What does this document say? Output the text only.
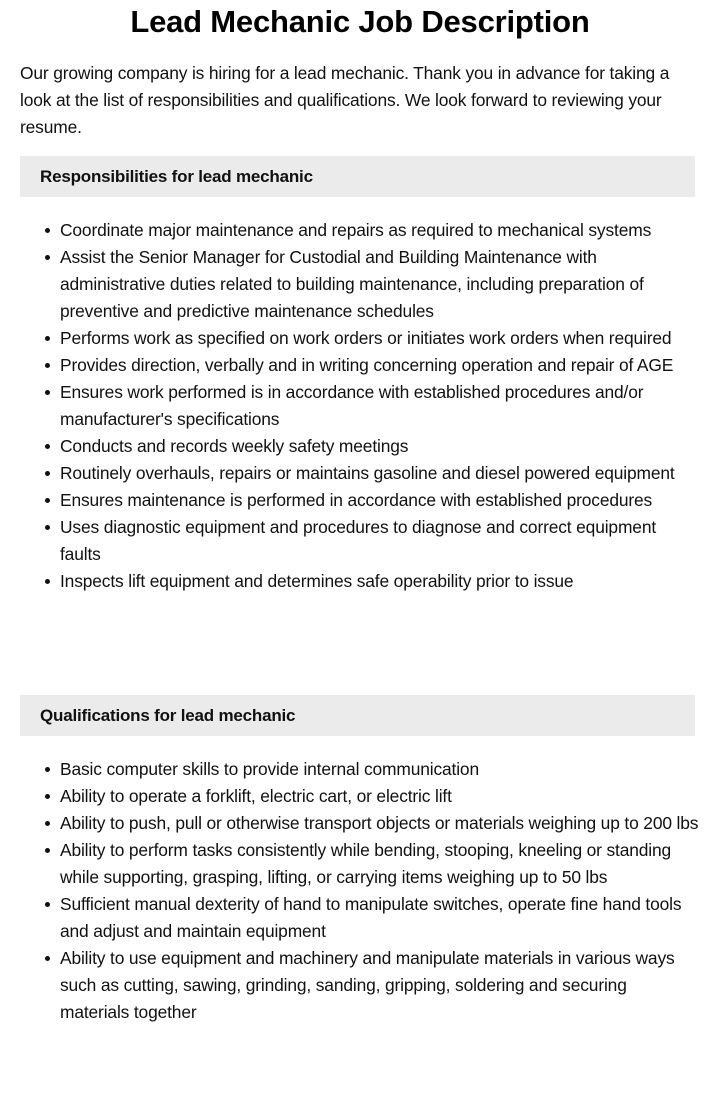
Lead Mechanic Job Description

Our growing company is hiring for a lead mechanic. Thank you in advance for taking a look at the list of responsibilities and qualifications. We look forward to reviewing your resume.

Responsibilities for lead mechanic
Coordinate major maintenance and repairs as required to mechanical systems
Assist the Senior Manager for Custodial and Building Maintenance with administrative duties related to building maintenance, including preparation of preventive and predictive maintenance schedules
Performs work as specified on work orders or initiates work orders when required
Provides direction, verbally and in writing concerning operation and repair of AGE
Ensures work performed is in accordance with established procedures and/or manufacturer's specifications
Conducts and records weekly safety meetings
Routinely overhauls, repairs or maintains gasoline and diesel powered equipment
Ensures maintenance is performed in accordance with established procedures
Uses diagnostic equipment and procedures to diagnose and correct equipment faults
Inspects lift equipment and determines safe operability prior to issue
Qualifications for lead mechanic
Basic computer skills to provide internal communication
Ability to operate a forklift, electric cart, or electric lift
Ability to push, pull or otherwise transport objects or materials weighing up to 200 lbs
Ability to perform tasks consistently while bending, stooping, kneeling or standing while supporting, grasping, lifting, or carrying items weighing up to 50 lbs
Sufficient manual dexterity of hand to manipulate switches, operate fine hand tools and adjust and maintain equipment
Ability to use equipment and machinery and manipulate materials in various ways such as cutting, sawing, grinding, sanding, gripping, soldering and securing materials together
